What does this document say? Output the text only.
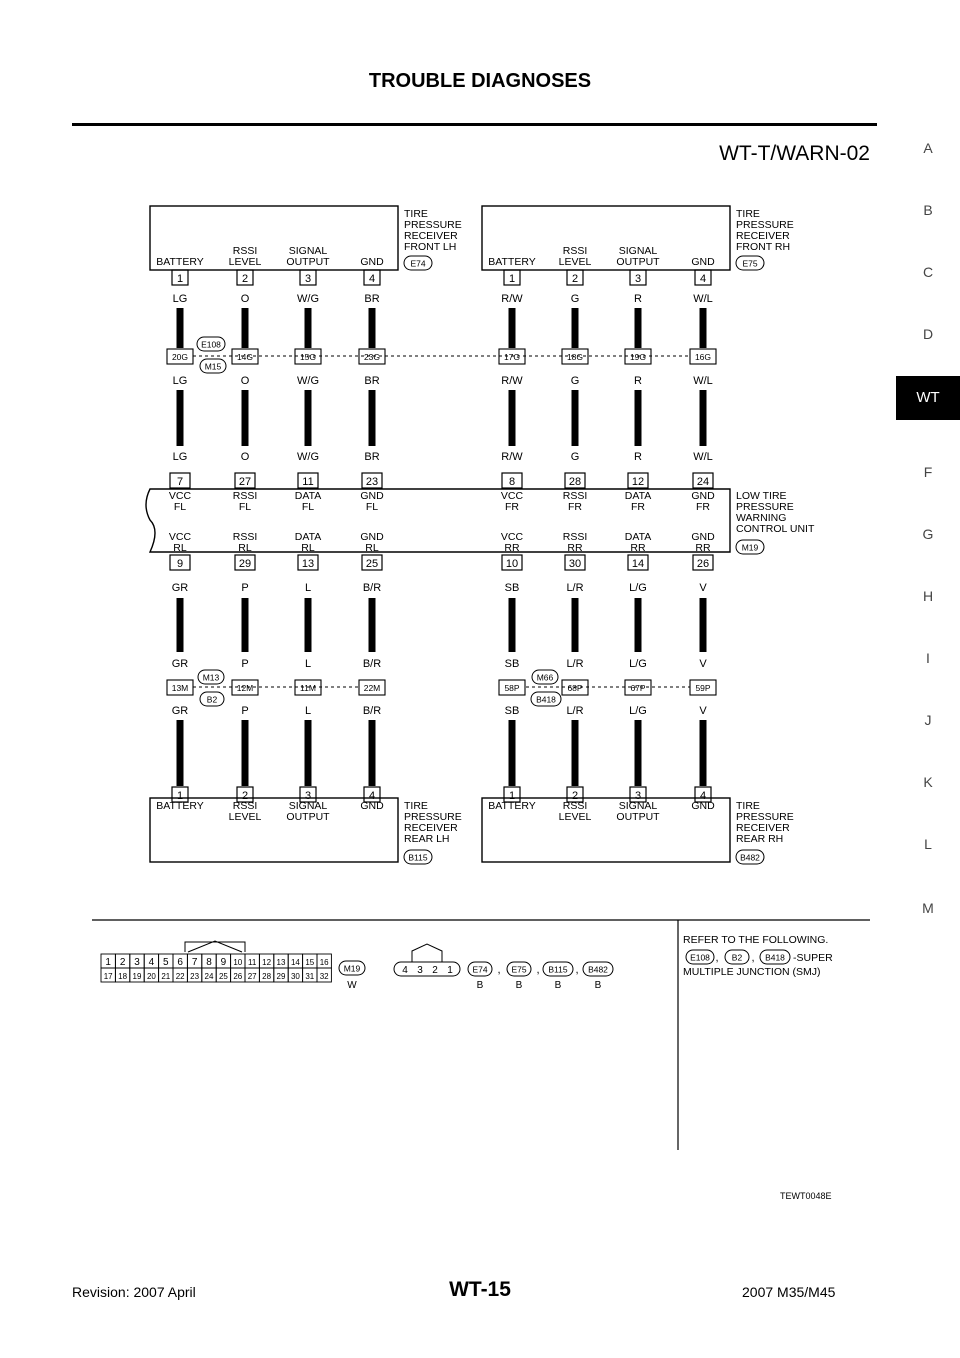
TROUBLE DIAGNOSES
WT-T/WARN-02	A
B
C
D
WT
F
G
H
I
J
K
L
M
BATTERY
1
RSSI
LEVEL
2
SIGNAL
OUTPUT
3
GND
4
TIRE
PRESSURE
RECEIVER
FRONT LH
E74	BATTERY
1
RSSI
LEVEL
2
SIGNAL
OUTPUT
3
GND
4
TIRE
PRESSURE
RECEIVER
FRONT RH
E75
LG
20G
LG
LG
7
O
14G
O
O
27
W/G
15G
W/G
W/G
11
BR
23G
BR
BR
23
R/W
17G
R/W
R/W
8
G
18G
G
G
28
R
19G
R
R
12
W/L
16G
W/L
W/L
24
E108
M15
VCC
FL
RSSI
FL
DATA
FL
GND
FL
VCC
FR
RSSI
FR
DATA
FR
GND
FR
VCC
RL
RSSI
RL
DATA
RL
GND
RL
VCC
RR
RSSI
RR
DATA
RR
GND
RR
LOW TIRE
PRESSURE
WARNING
CONTROL UNIT
M19
9
GR
GR
13M
GR
29
P
P
12M
P
13
L
L
11M
L
25
B/R
B/R
22M
B/R
10
SB
SB
58P
SB
30
L/R
L/R
68P
L/R
14
L/G
L/G
67P
L/G
26
V
V
59P
V
M13
B2
M66
B418
1
BATTERY
2
RSSI
LEVEL
3
SIGNAL
OUTPUT
4
GND TIRE
PRESSURE
RECEIVER
REAR LH
B115
1
BATTERY
2
RSSI
LEVEL
3
SIGNAL
OUTPUT
4
GND TIRE
PRESSURE
RECEIVER
REAR RH
B482
1 2 3 4 5 6 7 8 9 10 11 12 13 14 15 16
17 18 19 20 21 22 23 24 25 26 27 28 29 30 31 32
M19
W
4 3 2 1 E74 ,
B
E75 ,
B
B115 ,
B
B482
B
REFER TO THE FOLLOWING.
E108 , B2 , B418 -SUPER
MULTIPLE JUNCTION (SMJ)
TEWT0048E
Revision: 2007 April	WT-15	2007 M35/M45
